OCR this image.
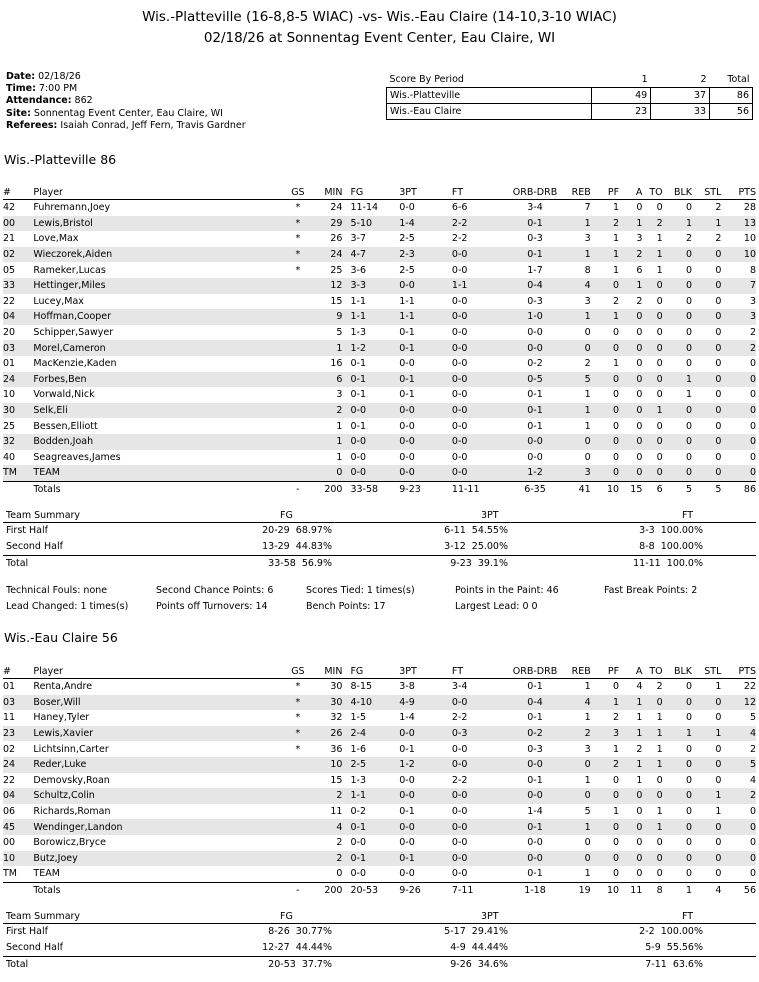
Wis.-Platteville (16-8,8-5 WIAC) -vs- Wis.-Eau Claire (14-10,3-10 WIAC)
02/18/26 at Sonnentag Event Center, Eau Claire, WI
Date: 02/18/26
Time: 7:00 PM
Attendance: 862
Site: Sonnentag Event Center, Eau Claire, WI
Referees: Isaiah Conrad, Jeff Fern, Travis Gardner
Score By Period	1	2	Total
Wis.-Platteville	49	37	86
Wis.-Eau Claire	23	33	56
Wis.-Platteville 86
#	Player	GS	MIN	FG	3PT	FT	ORB-DRB	REB	PF	A	TO	BLK	STL	PTS
42	Fuhremann,Joey	*	24	11-14	0-0	6-6	3-4	7	1	0	0	0	2	28
00	Lewis,Bristol	*	29	5-10	1-4	2-2	0-1	1	2	1	2	1	1	13
21	Love,Max	*	26	3-7	2-5	2-2	0-3	3	1	3	1	2	2	10
02	Wieczorek,Aiden	*	24	4-7	2-3	0-0	0-1	1	1	2	1	0	0	10
05	Rameker,Lucas	*	25	3-6	2-5	0-0	1-7	8	1	6	1	0	0	8
33	Hettinger,Miles		12	3-3	0-0	1-1	0-4	4	0	1	0	0	0	7
22	Lucey,Max		15	1-1	1-1	0-0	0-3	3	2	2	0	0	0	3
04	Hoffman,Cooper		9	1-1	1-1	0-0	1-0	1	1	0	0	0	0	3
20	Schipper,Sawyer		5	1-3	0-1	0-0	0-0	0	0	0	0	0	0	2
03	Morel,Cameron		1	1-2	0-1	0-0	0-0	0	0	0	0	0	0	2
01	MacKenzie,Kaden		16	0-1	0-0	0-0	0-2	2	1	0	0	0	0	0
24	Forbes,Ben		6	0-1	0-1	0-0	0-5	5	0	0	0	1	0	0
10	Vorwald,Nick		3	0-1	0-1	0-0	0-1	1	0	0	0	1	0	0
30	Selk,Eli		2	0-0	0-0	0-0	0-1	1	0	0	1	0	0	0
25	Bessen,Elliott		1	0-1	0-0	0-0	0-1	1	0	0	0	0	0	0
32	Bodden,Joah		1	0-0	0-0	0-0	0-0	0	0	0	0	0	0	0
40	Seagreaves,James		1	0-0	0-0	0-0	0-0	0	0	0	0	0	0	0
TM	TEAM		0	0-0	0-0	0-0	1-2	3	0	0	0	0	0	0
	Totals	-	200	33-58	9-23	11-11	6-35	41	10	15	6	5	5	86
Team Summary	FG	3PT	FT
First Half	20-29  68.97%	6-11  54.55%	3-3  100.00%
Second Half	13-29  44.83%	3-12  25.00%	8-8  100.00%
Total	33-58  56.9%	9-23  39.1%	11-11  100.0%
Technical Fouls: none	Second Chance Points: 6	Scores Tied: 1 times(s)	Points in the Paint: 46	Fast Break Points: 2
Lead Changed: 1 times(s)	Points off Turnovers: 14	Bench Points: 17	Largest Lead: 0 0
Wis.-Eau Claire 56
#	Player	GS	MIN	FG	3PT	FT	ORB-DRB	REB	PF	A	TO	BLK	STL	PTS
01	Renta,Andre	*	30	8-15	3-8	3-4	0-1	1	0	4	2	0	1	22
03	Boser,Will	*	30	4-10	4-9	0-0	0-4	4	1	1	0	0	0	12
11	Haney,Tyler	*	32	1-5	1-4	2-2	0-1	1	2	1	1	0	0	5
23	Lewis,Xavier	*	26	2-4	0-0	0-3	0-2	2	3	1	1	1	1	4
02	Lichtsinn,Carter	*	36	1-6	0-1	0-0	0-3	3	1	2	1	0	0	2
24	Reder,Luke		10	2-5	1-2	0-0	0-0	0	2	1	1	0	0	5
22	Demovsky,Roan		15	1-3	0-0	2-2	0-1	1	0	1	0	0	0	4
04	Schultz,Colin		2	1-1	0-0	0-0	0-0	0	0	0	0	0	1	2
06	Richards,Roman		11	0-2	0-1	0-0	1-4	5	1	0	1	0	1	0
45	Wendinger,Landon		4	0-1	0-0	0-0	0-1	1	0	0	1	0	0	0
00	Borowicz,Bryce		2	0-0	0-0	0-0	0-0	0	0	0	0	0	0	0
10	Butz,Joey		2	0-1	0-1	0-0	0-0	0	0	0	0	0	0	0
TM	TEAM		0	0-0	0-0	0-0	0-1	1	0	0	0	0	0	0
	Totals	-	200	20-53	9-26	7-11	1-18	19	10	11	8	1	4	56
Team Summary	FG	3PT	FT
First Half	8-26  30.77%	5-17  29.41%	2-2  100.00%
Second Half	12-27  44.44%	4-9  44.44%	5-9  55.56%
Total	20-53  37.7%	9-26  34.6%	7-11  63.6%
